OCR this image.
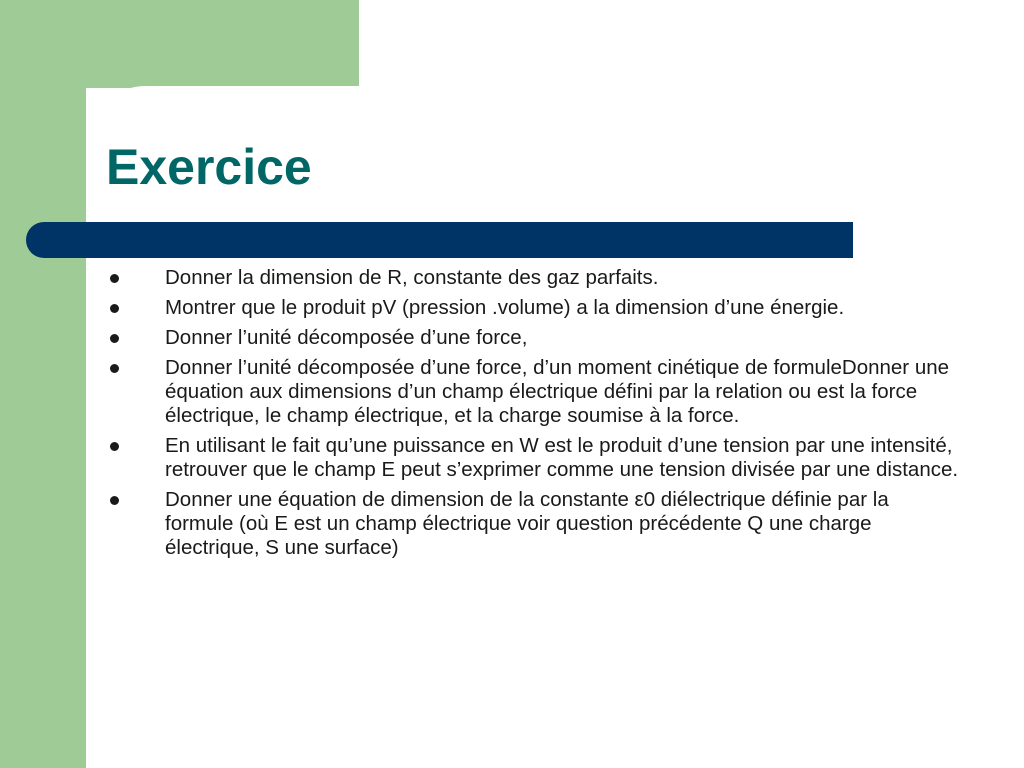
Exercice
Donner la dimension de R, constante des gaz parfaits.
Montrer que le produit pV (pression .volume) a la dimension d’une énergie.
Donner l’unité décomposée d’une force,
Donner l’unité décomposée d’une force, d’un moment cinétique de formuleDonner une équation aux dimensions d’un champ électrique défini par la relation ou est la force électrique, le champ électrique, et la charge soumise à la force.
En utilisant le fait qu’une puissance en W est le produit d’une tension par une intensité, retrouver que le champ E peut s’exprimer comme une tension divisée par une distance.
Donner une équation de dimension de la constante ε0 diélectrique définie par la formule (où E est un champ électrique voir question précédente Q une charge électrique, S une surface)
